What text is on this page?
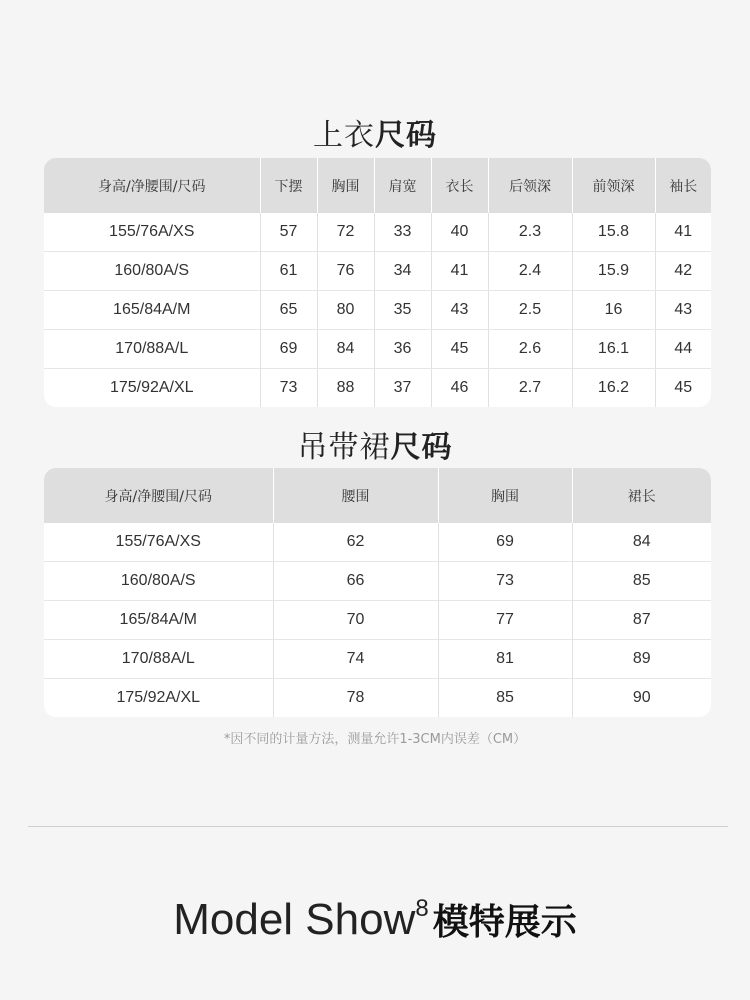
上衣尺码
身高/净腰围/尺码	下摆	胸围	肩宽	衣长	后领深	前领深	袖长
155/76A/XS	57	72	33	40	2.3	15.8	41
160/80A/S	61	76	34	41	2.4	15.9	42
165/84A/M	65	80	35	43	2.5	16	43
170/88A/L	69	84	36	45	2.6	16.1	44
175/92A/XL	73	88	37	46	2.7	16.2	45
吊带裙尺码
身高/净腰围/尺码	腰围	胸围	裙长
155/76A/XS	62	69	84
160/80A/S	66	73	85
165/84A/M	70	77	87
170/88A/L	74	81	89
175/92A/XL	78	85	90
*因不同的计量方法，测量允许1-3CM内误差（CM）
Model Show8 模特展示
